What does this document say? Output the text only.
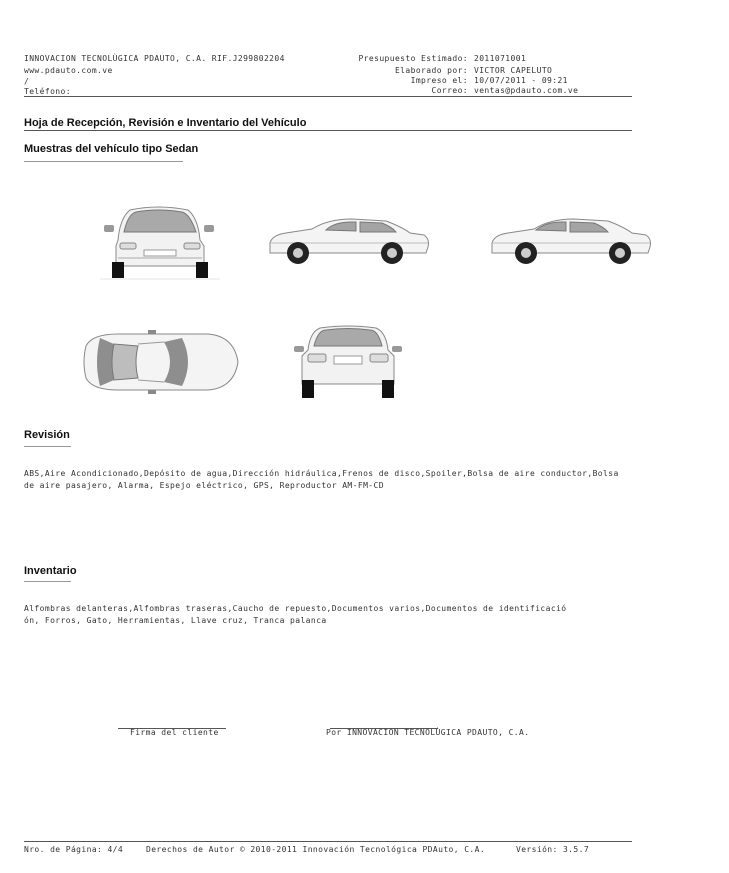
INNOVACION TECNOLÙGICA PDAUTO, C.A. RIF.J299802204
www.pdauto.com.ve
/
Teléfono:
Presupuesto Estimado: 2011071001
Elaborado por: VICTOR CAPELUTO
Impreso el: 10/07/2011 - 09:21
Correo: ventas@pdauto.com.ve
Hoja de Recepción, Revisión e Inventario del Vehículo
Muestras del vehículo tipo Sedan
Revisión
ABS,Aire Acondicionado,Depósito de agua,Dirección hidráulica,Frenos de disco,Spoiler,Bolsa de aire conductor,Bolsa
de aire pasajero, Alarma, Espejo eléctrico, GPS, Reproductor AM-FM-CD
Inventario
Alfombras delanteras,Alfombras traseras,Caucho de repuesto,Documentos varios,Documentos de identificació
ón, Forros, Gato, Herramientas, Llave cruz, Tranca palanca
Firma del cliente	Por INNOVACION TECNOLÙGICA PDAUTO, C.A.
Nro. de Página: 4/4	Derechos de Autor © 2010-2011 Innovación Tecnológica PDAuto, C.A.	Versión: 3.5.7
